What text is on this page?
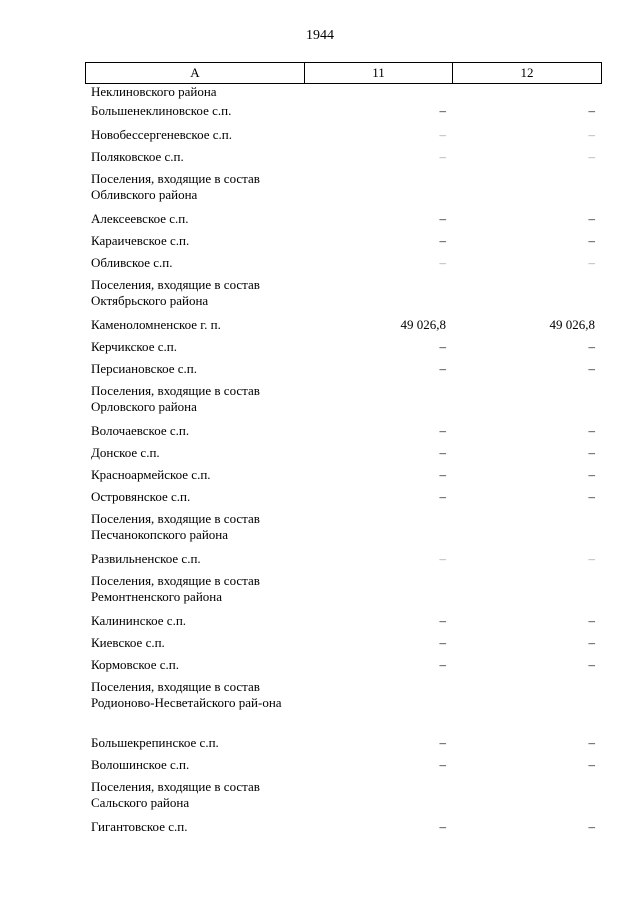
1944
А	11	12
Неклиновского района
Большенеклиновское с.п.	–	–
Новобессергеневское с.п.	–	–
Поляковское с.п.	–	–
Поселения, входящие в состав Обливского района
Алексеевское с.п.	–	–
Караичевское с.п.	–	–
Обливское с.п.	–	–
Поселения, входящие в состав Октябрьского района
Каменоломненское г. п.	49 026,8	49 026,8
Керчикское с.п.	–	–
Персиановское с.п.	–	–
Поселения, входящие в состав Орловского района
Волочаевское с.п.	–	–
Донское с.п.	–	–
Красноармейское с.п.	–	–
Островянское с.п.	–	–
Поселения, входящие в состав Песчанокопского района
Развильненское с.п.	–	–
Поселения, входящие в состав Ремонтненского района
Калининское с.п.	–	–
Киевское с.п.	–	–
Кормовское с.п.	–	–
Поселения, входящие в состав Родионово-Несветайского рай-она
Большекрепинское с.п.	–	–
Волошинское с.п.	–	–
Поселения, входящие в состав Сальского района
Гигантовское с.п.	–	–
